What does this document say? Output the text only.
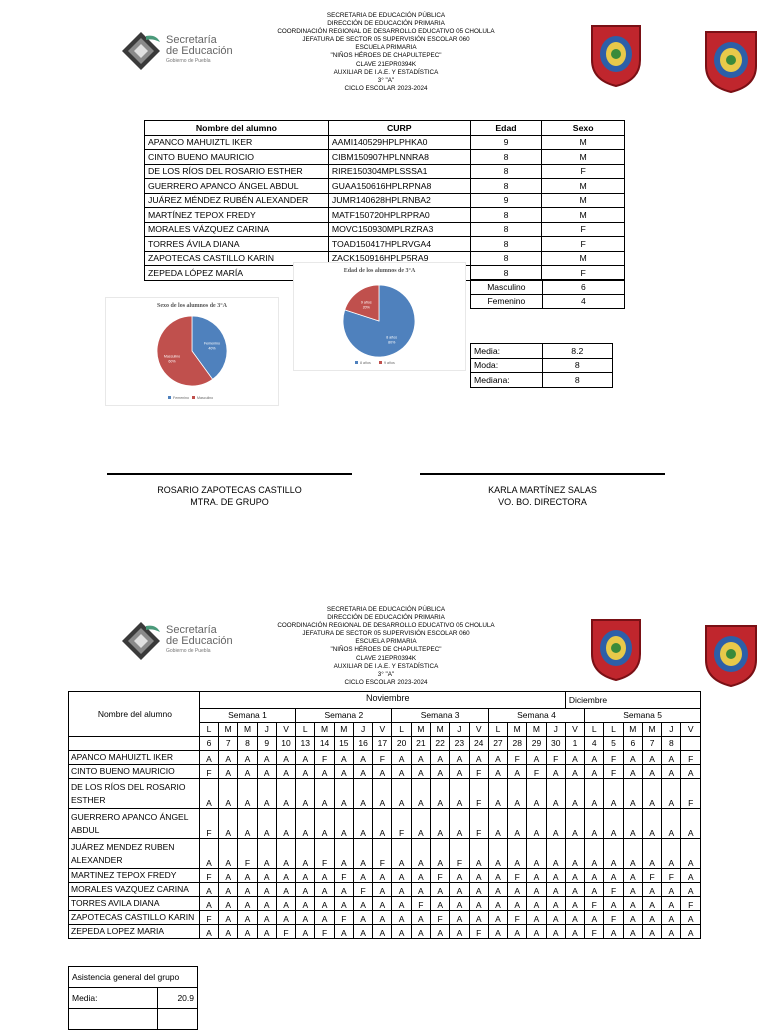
Secretaría
de Educación
Gobierno de Puebla
SECRETARIA DE EDUCACIÓN PÚBLICA
DIRECCIÓN DE EDUCACIÓN PRIMARIA
COORDINACIÓN REGIONAL DE DESARROLLO EDUCATIVO 05 CHOLULA
JEFATURA DE SECTOR 05 SUPERVISIÓN ESCOLAR 060
ESCUELA PRIMARIA
"NIÑOS HÉROES DE CHAPULTEPEC"
CLAVE 21EPR0394K
AUXILIAR DE I.A.E. Y ESTADÍSTICA
3° "A"
CICLO ESCOLAR 2023-2024
Nombre del alumno	CURP	Edad	Sexo
APANCO MAHUIZTL IKER	AAMI140529HPLPHKA0	9	M
CINTO BUENO MAURICIO	CIBM150907HPLNNRA8	8	M
DE LOS RÍOS DEL ROSARIO ESTHER	RIRE150304MPLSSSA1	8	F
GUERRERO APANCO ÁNGEL ABDUL	GUAA150616HPLRPNA8	8	M
JUÁREZ MÉNDEZ RUBÉN ALEXANDER	JUMR140628HPLRNBA2	9	M
MARTÍNEZ TEPOX FREDY	MATF150720HPLRPRA0	8	M
MORALES VÁZQUEZ CARINA	MOVC150930MPLRZRA3	8	F
TORRES ÁVILA DIANA	TOAD150417HPLRVGA4	8	F
ZAPOTECAS CASTILLO KARIN	ZACK150916HPLP5RA9	8	M
ZEPEDA LÓPEZ MARÍA		8	F
Masculino	6
Femenino	4
Media:	8.2
Moda:	8
Mediana:	8
Sexo de los alumnos de 3°A
Femenino
40%
Masculino
60%
Femenino Masculino
Edad de los alumnos de 3°A
8 años
80%
9 años
20%
8 años	9 años
ROSARIO ZAPOTECAS CASTILLO
MTRA. DE GRUPO
KARLA MARTÍNEZ SALAS
VO. BO. DIRECTORA
Secretaría
de Educación
Gobierno de Puebla
SECRETARIA DE EDUCACIÓN PÚBLICA
DIRECCIÓN DE EDUCACIÓN PRIMARIA
COORDINACIÓN REGIONAL DE DESARROLLO EDUCATIVO 05 CHOLULA
JEFATURA DE SECTOR 05 SUPERVISIÓN ESCOLAR 060
ESCUELA PRIMARIA
"NIÑOS HÉROES DE CHAPULTEPEC"
CLAVE 21EPR0394K
AUXILIAR DE I.A.E. Y ESTADÍSTICA
3° "A"
CICLO ESCOLAR 2023-2024
Noviembre
Nombre del alumno																				Diciembre						
	Semana 1					Semana 2					Semana 3					Semana 4					Semana 5					
	L	M	M	J	V	L	M	M	J	V	L	M	M	J	V	L	M	M	J	V	L	L	M	M	J	V
	6	7	8	9	10	13	14	15	16	17	20	21	22	23	24	27	28	29	30	1	4	5	6	7	8	
APANCO MAHUIZTL IKER	A	A	A	A	A	A	F	A	A	F	A	A	A	A	A	A	F	A	F	A	A	F	A	A	A	F
CINTO BUENO MAURICIO	F	A	A	A	A	A	A	A	A	A	A	A	A	A	F	A	A	F	A	A	A	F	A	A	A	A
DE LOS RÍOS DEL ROSARIO ESTHER	A	A	A	A	A	A	A	A	A	A	A	A	A	A	F	A	A	A	A	A	A	A	A	A	A	F
GUERRERO APANCO ÁNGEL ABDUL	F	A	A	A	A	A	A	A	A	A	F	A	A	A	F	A	A	A	A	A	A	A	A	A	A	A
JUÁREZ MENDEZ RUBEN ALEXANDER	A	A	F	A	A	A	F	A	A	F	A	A	A	F	A	A	A	A	A	A	A	A	A	A	A	A
MARTINEZ TEPOX FREDY	F	A	A	A	A	A	A	F	A	A	A	A	F	A	A	A	F	A	A	A	A	A	A	F	F	A
MORALES VAZQUEZ CARINA	A	A	A	A	A	A	A	A	F	A	A	A	A	A	A	A	A	A	A	A	A	F	A	A	A	A
TORRES AVILA DIANA	A	A	A	A	A	A	A	A	A	A	A	F	A	A	A	A	A	A	A	A	F	A	A	A	A	F
ZAPOTECAS CASTILLO KARIN	F	A	A	A	A	A	A	F	A	A	A	A	F	A	A	A	F	A	A	A	A	F	A	A	A	A
ZEPEDA LOPEZ MARIA	A	A	A	A	F	A	F	A	A	A	A	A	A	A	F	A	A	A	A	A	F	A	A	A	A	A
Asistencia general del grupo	
Media:	20.9
